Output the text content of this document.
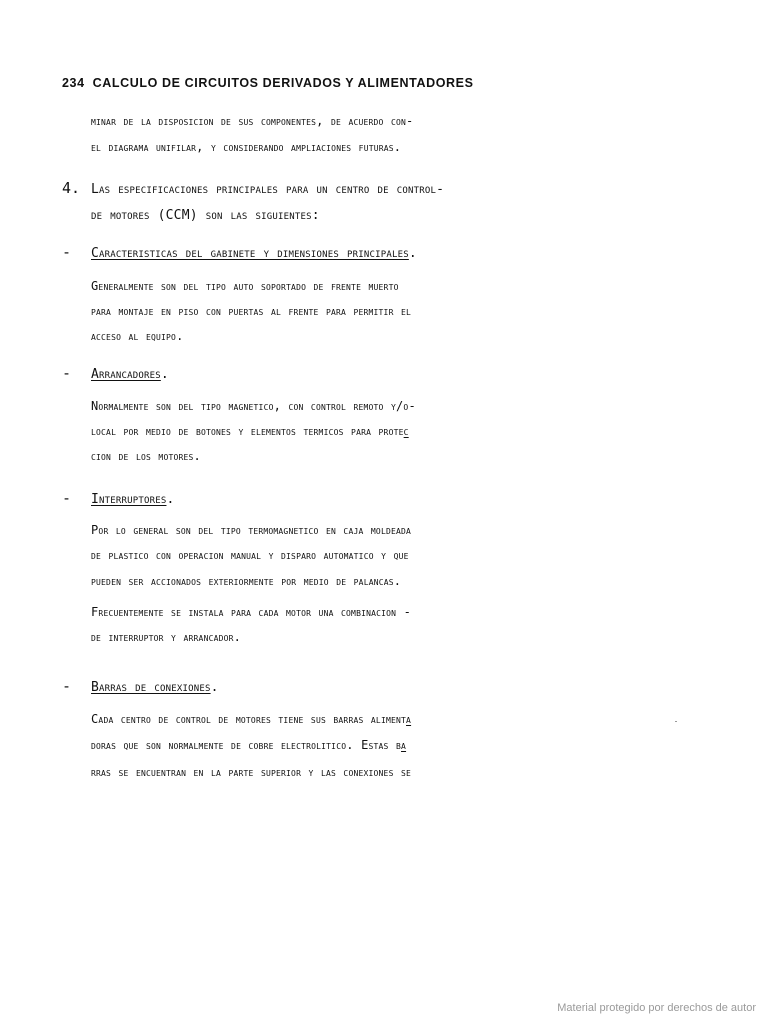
234 CALCULO DE CIRCUITOS DERIVADOS Y ALIMENTADORES
minar de la disposicion de sus componentes, de acuerdo con-
el diagrama unifilar, y considerando ampliaciones futuras.
4. Las especificaciones principales para un centro de control-
de motores (CCM) son las siguientes:
- Caracteristicas del gabinete y dimensiones principales.
Generalmente son del tipo auto soportado de frente muerto
para montaje en piso con puertas al frente para permitir el
acceso al equipo.
- Arrancadores.
Normalmente son del tipo magnetico, con control remoto y/o-
local por medio de botones y elementos termicos para protec
cion de los motores.
- Interruptores.
Por lo general son del tipo termomagnetico en caja moldeada
de plastico con operacion manual y disparo automatico y que
pueden ser accionados exteriormente por medio de palancas.
Frecuentemente se instala para cada motor una combinacion -
de interruptor y arrancador.
- Barras de conexiones.
Cada centro de control de motores tiene sus barras alimenta
doras que son normalmente de cobre electrolitico. Estas ba
rras se encuentran en la parte superior y las conexiones se
Material protegido por derechos de autor
